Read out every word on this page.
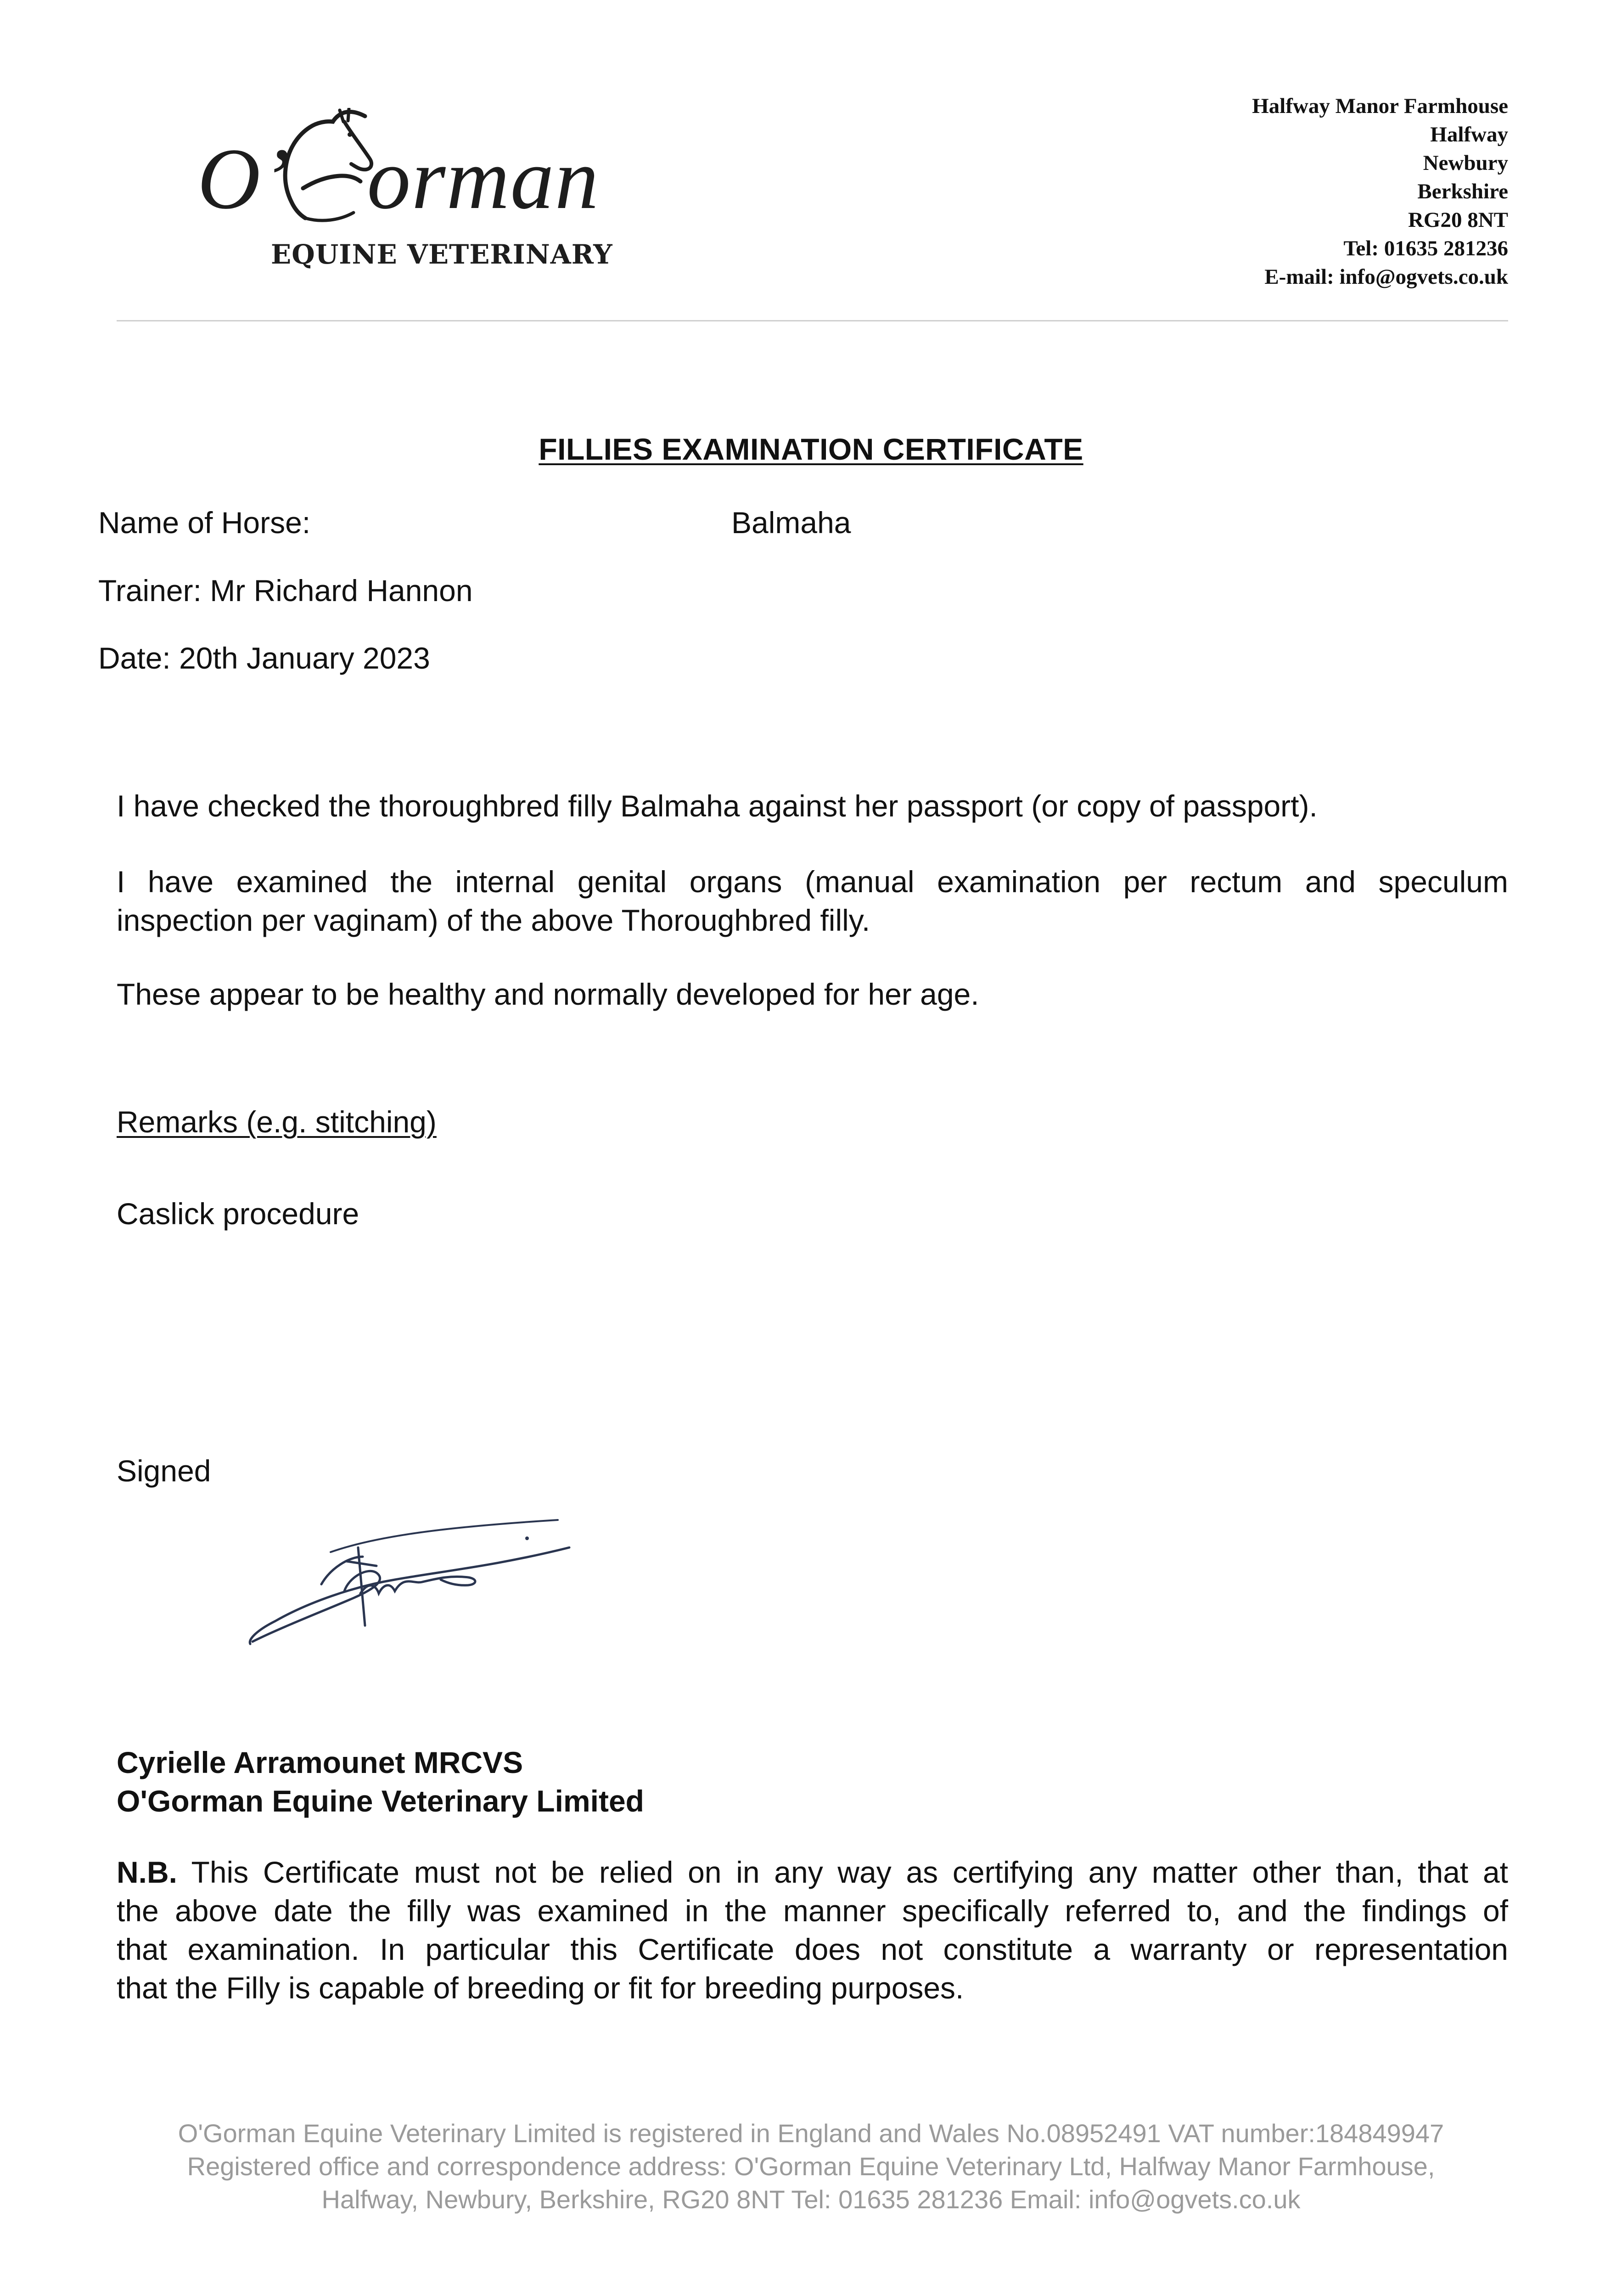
O’ orman
EQUINE VETERINARY
Halfway Manor Farmhouse
Halfway
Newbury
Berkshire
RG20 8NT
Tel: 01635 281236
E-mail: info@ogvets.co.uk
FILLIES EXAMINATION CERTIFICATE
Name of Horse:	Balmaha
Trainer: Mr Richard Hannon
Date: 20th January 2023
I have checked the thoroughbred filly Balmaha against her passport (or copy of passport).
I have examined the internal genital organs (manual examination per rectum and speculum
inspection per vaginam) of the above Thoroughbred filly.
These appear to be healthy and normally developed for her age.
Remarks (e.g. stitching)
Caslick procedure
Signed
Cyrielle Arramounet MRCVS
O'Gorman Equine Veterinary Limited
N.B. This Certificate must not be relied on in any way as certifying any matter other than, that at
the above date the filly was examined in the manner specifically referred to, and the findings of
that examination. In particular this Certificate does not constitute a warranty or representation
that the Filly is capable of breeding or fit for breeding purposes.
O'Gorman Equine Veterinary Limited is registered in England and Wales No.08952491 VAT number:184849947
Registered office and correspondence address: O'Gorman Equine Veterinary Ltd, Halfway Manor Farmhouse,
Halfway, Newbury, Berkshire, RG20 8NT Tel: 01635 281236 Email: info@ogvets.co.uk
